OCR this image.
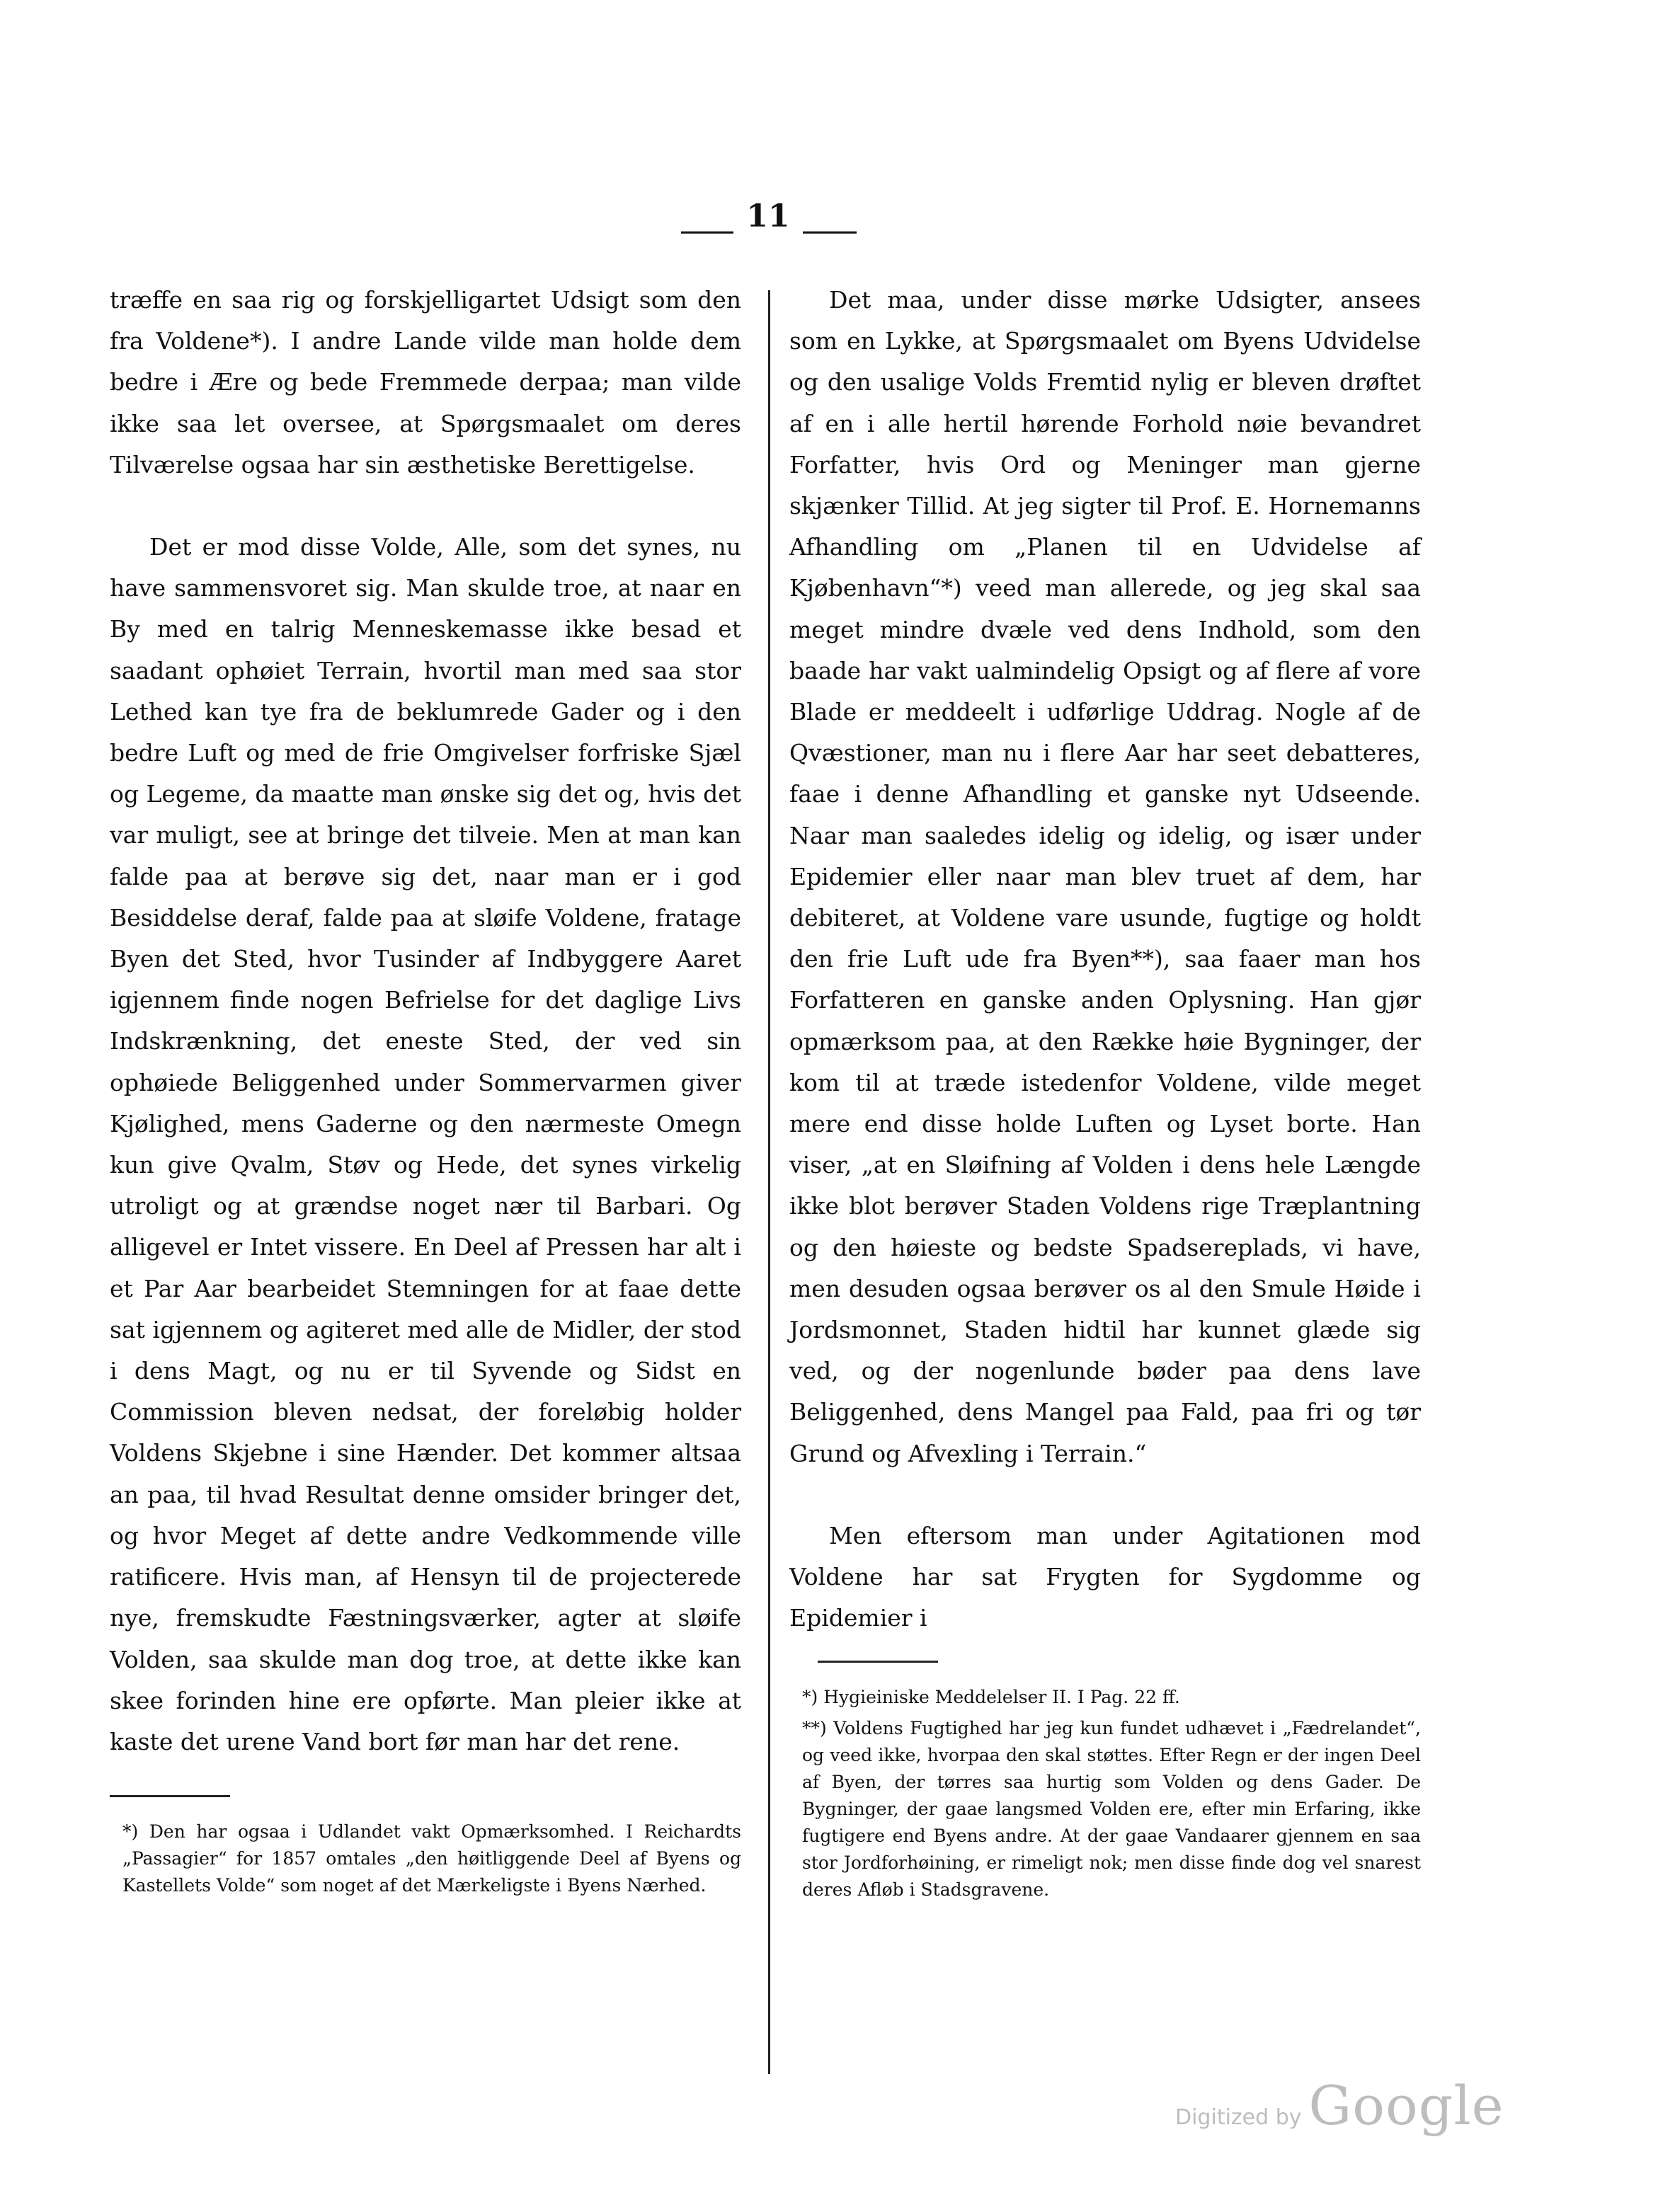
11

træffe en saa rig og forskjelligartet Udsigt som den fra Voldene*). I andre Lande vilde man holde dem bedre i Ære og bede Fremmede derpaa; man vilde ikke saa let oversee, at Spørgsmaalet om deres Tilværelse ogsaa har sin æsthetiske Berettigelse.

Det er mod disse Volde, Alle, som det synes, nu have sammensvoret sig. Man skulde troe, at naar en By med en talrig Menneskemasse ikke besad et saadant ophøiet Terrain, hvortil man med saa stor Lethed kan tye fra de beklumrede Gader og i den bedre Luft og med de frie Omgivelser forfriske Sjæl og Legeme, da maatte man ønske sig det og, hvis det var muligt, see at bringe det tilveie. Men at man kan falde paa at berøve sig det, naar man er i god Besiddelse deraf, falde paa at sløife Voldene, fratage Byen det Sted, hvor Tusinder af Indbyggere Aaret igjennem finde nogen Befrielse for det daglige Livs Indskrænkning, det eneste Sted, der ved sin ophøiede Beliggenhed under Sommervarmen giver Kjølighed, mens Gaderne og den nærmeste Omegn kun give Qvalm, Støv og Hede, det synes virkelig utroligt og at grændse noget nær til Barbari. Og alligevel er Intet vissere. En Deel af Pressen har alt i et Par Aar bearbeidet Stemningen for at faae dette sat igjennem og agiteret med alle de Midler, der stod i dens Magt, og nu er til Syvende og Sidst en Commission bleven nedsat, der foreløbig holder Voldens Skjebne i sine Hænder. Det kommer altsaa an paa, til hvad Resultat denne omsider bringer det, og hvor Meget af dette andre Vedkommende ville ratificere. Hvis man, af Hensyn til de projecterede nye, fremskudte Fæstningsværker, agter at sløife Volden, saa skulde man dog troe, at dette ikke kan skee forinden hine ere opførte. Man pleier ikke at kaste det urene Vand bort før man har det rene.

*) Den har ogsaa i Udlandet vakt Opmærksomhed. I Reichardts „Passagier“ for 1857 omtales „den høitliggende Deel af Byens og Kastellets Volde“ som noget af det Mærkeligste i Byens Nærhed.

Det maa, under disse mørke Udsigter, ansees som en Lykke, at Spørgsmaalet om Byens Udvidelse og den usalige Volds Fremtid nylig er bleven drøftet af en i alle hertil hørende Forhold nøie bevandret Forfatter, hvis Ord og Meninger man gjerne skjænker Tillid. At jeg sigter til Prof. E. Hornemanns Afhandling om „Planen til en Udvidelse af Kjøbenhavn“*) veed man allerede, og jeg skal saa meget mindre dvæle ved dens Indhold, som den baade har vakt ualmindelig Opsigt og af flere af vore Blade er meddeelt i udførlige Uddrag. Nogle af de Qvæstioner, man nu i flere Aar har seet debatteres, faae i denne Afhandling et ganske nyt Udseende. Naar man saaledes idelig og idelig, og især under Epidemier eller naar man blev truet af dem, har debiteret, at Voldene vare usunde, fugtige og holdt den frie Luft ude fra Byen**), saa faaer man hos Forfatteren en ganske anden Oplysning. Han gjør opmærksom paa, at den Række høie Bygninger, der kom til at træde istedenfor Voldene, vilde meget mere end disse holde Luften og Lyset borte. Han viser, „at en Sløifning af Volden i dens hele Længde ikke blot berøver Staden Voldens rige Træplantning og den høieste og bedste Spadsereplads, vi have, men desuden ogsaa berøver os al den Smule Høide i Jordsmonnet, Staden hidtil har kunnet glæde sig ved, og der nogenlunde bøder paa dens lave Beliggenhed, dens Mangel paa Fald, paa fri og tør Grund og Afvexling i Terrain.“

Men eftersom man under Agitationen mod Voldene har sat Frygten for Sygdomme og Epidemier i

*) Hygieiniske Meddelelser II. I Pag. 22 ff.

**) Voldens Fugtighed har jeg kun fundet udhævet i „Fædrelandet“, og veed ikke, hvorpaa den skal støttes. Efter Regn er der ingen Deel af Byen, der tørres saa hurtig som Volden og dens Gader. De Bygninger, der gaae langsmed Volden ere, efter min Erfaring, ikke fugtigere end Byens andre. At der gaae Vandaarer gjennem en saa stor Jordforhøining, er rimeligt nok; men disse finde dog vel snarest deres Afløb i Stadsgravene.

Digitized by Google
